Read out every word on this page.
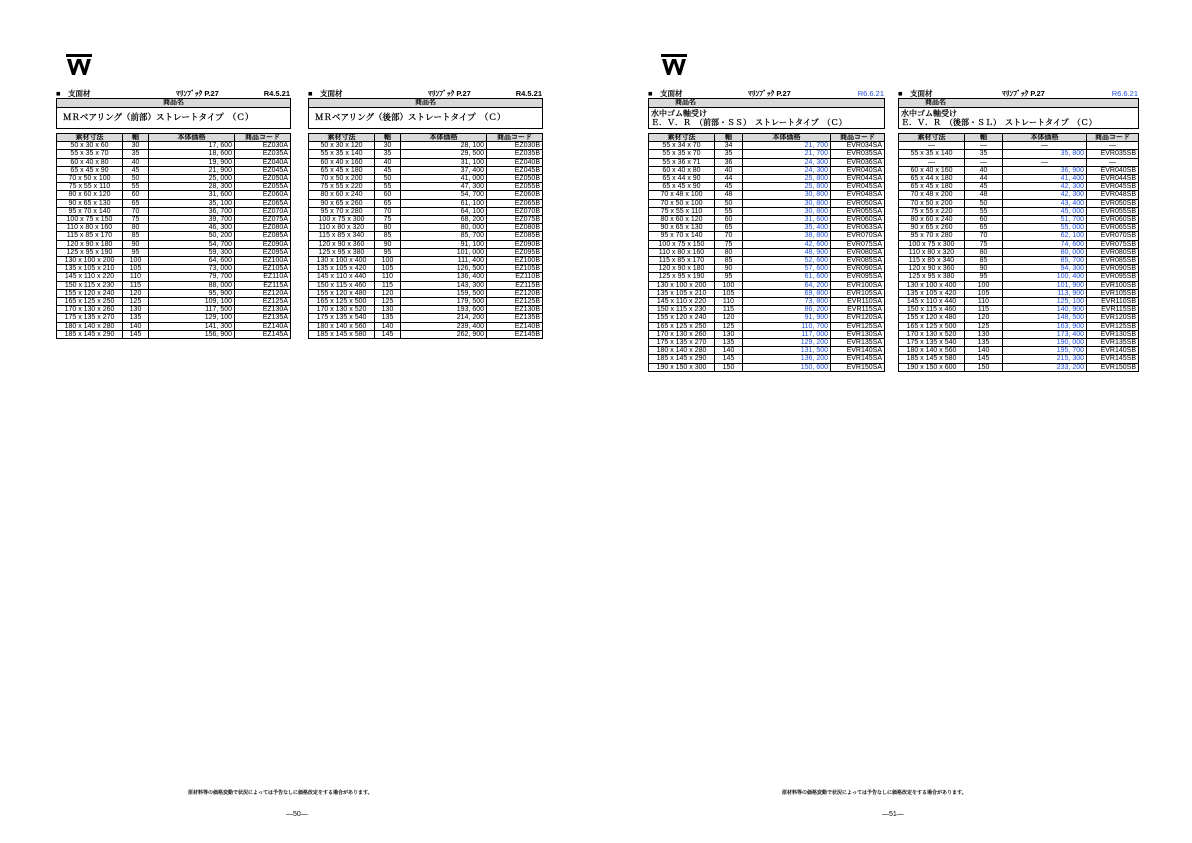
■　支面材	ﾏﾘﾝﾌﾞｯｸ P.27	R4.5.21
商品名			
ＭＲベアリング（前部）ストレートタイプ　（Ｃ）			

素材寸法	軸	本体価格	商品コード
50 x 30 x 60	30	17, 600	EZ030A
55 x 35 x 70	35	18, 600	EZ035A
60 x 40 x 80	40	19, 900	EZ040A
65 x 45 x 90	45	21, 900	EZ045A
70 x 50 x 100	50	25, 000	EZ050A
75 x 55 x 110	55	28, 300	EZ055A
80 x 60 x 120	60	31, 600	EZ060A
90 x 65 x 130	65	35, 100	EZ065A
95 x 70 x 140	70	36, 700	EZ070A
100 x 75 x 150	75	39, 700	EZ075A
110 x 80 x 160	80	46, 300	EZ080A
115 x 85 x 170	85	50, 200	EZ085A
120 x 90 x 180	90	54, 700	EZ090A
125 x 95 x 190	95	59, 300	EZ095A
130 x 100 x 200	100	64, 600	EZ100A
135 x 105 x 210	105	73, 000	EZ105A
145 x 110 x 220	110	79, 700	EZ110A
150 x 115 x 230	115	88, 000	EZ115A
155 x 120 x 240	120	95, 900	EZ120A
165 x 125 x 250	125	109, 100	EZ125A
170 x 130 x 260	130	117, 500	EZ130A
175 x 135 x 270	135	129, 100	EZ135A
180 x 140 x 280	140	141, 300	EZ140A
185 x 145 x 290	145	156, 900	EZ145A
■　支面材	ﾏﾘﾝﾌﾞｯｸ P.27	R4.5.21
商品名			
ＭＲベアリング（後部）ストレートタイプ　（Ｃ）			

素材寸法	軸	本体価格	商品コード
50 x 30 x 120	30	28, 100	EZ030B
55 x 35 x 140	35	29, 500	EZ035B
60 x 40 x 160	40	31, 100	EZ040B
65 x 45 x 180	45	37, 400	EZ045B
70 x 50 x 200	50	41, 000	EZ050B
75 x 55 x 220	55	47, 300	EZ055B
80 x 60 x 240	60	54, 700	EZ060B
90 x 65 x 260	65	61, 100	EZ065B
95 x 70 x 280	70	64, 100	EZ070B
100 x 75 x 300	75	68, 200	EZ075B
110 x 80 x 320	80	80, 000	EZ080B
115 x 85 x 340	85	85, 700	EZ085B
120 x 90 x 360	90	91, 100	EZ090B
125 x 95 x 380	95	101, 000	EZ095B
130 x 100 x 400	100	111, 400	EZ100B
135 x 105 x 420	105	126, 500	EZ105B
145 x 110 x 440	110	136, 400	EZ110B
150 x 115 x 460	115	143, 300	EZ115B
155 x 120 x 480	120	159, 500	EZ120B
165 x 125 x 500	125	179, 500	EZ125B
170 x 130 x 520	130	193, 600	EZ130B
175 x 135 x 540	135	214, 200	EZ135B
180 x 140 x 560	140	239, 400	EZ140B
185 x 145 x 580	145	262, 900	EZ145B
原材料等の価格変動で状況によっては予告なしに価格改定をする場合があります。
—50—
■　支面材	ﾏﾘﾝﾌﾞｯｸ P.27	R6.6.21
商品名			

水中ゴム軸受け
Ｅ．Ｖ．Ｒ　（前部・ＳＳ）　ストレートタイプ　（Ｃ）			

素材寸法	軸	本体価格	商品コード
55 x 34 x 70	34	21, 700	EVR034SA
55 x 35 x 70	35	21, 700	EVR035SA
55 x 36 x 71	36	24, 300	EVR036SA
60 x 40 x 80	40	24, 300	EVR040SA
65 x 44 x 90	44	25, 800	EVR044SA
65 x 45 x 90	45	25, 800	EVR045SA
70 x 48 x 100	48	30, 800	EVR048SA
70 x 50 x 100	50	30, 800	EVR050SA
75 x 55 x 110	55	30, 800	EVR055SA
80 x 60 x 120	60	31, 600	EVR060SA
90 x 65 x 130	65	35, 400	EVR063SA
95 x 70 x 140	70	38, 800	EVR070SA
100 x 75 x 150	75	42, 600	EVR075SA
110 x 80 x 160	80	48, 900	EVR080SA
115 x 85 x 170	85	52, 600	EVR085SA
120 x 90 x 180	90	57, 600	EVR090SA
125 x 95 x 190	95	61, 600	EVR095SA
130 x 100 x 200	100	64, 200	EVR100SA
135 x 105 x 210	105	69, 800	EVR105SA
145 x 110 x 220	110	73, 800	EVR110SA
150 x 115 x 230	115	86, 200	EVR115SA
155 x 120 x 240	120	91, 900	EVR120SA
165 x 125 x 250	125	110, 700	EVR125SA
170 x 130 x 260	130	117, 000	EVR130SA
175 x 135 x 270	135	129, 200	EVR135SA
180 x 140 x 280	140	131, 500	EVR140SA
185 x 145 x 290	145	136, 200	EVR145SA
190 x 150 x 300	150	150, 600	EVR150SA
■　支面材	ﾏﾘﾝﾌﾞｯｸ P.27	R6.6.21
商品名			

水中ゴム軸受け
Ｅ．Ｖ．Ｒ　（後部・ＳＬ）　ストレートタイプ　（Ｃ）			

素材寸法	軸	本体価格	商品コード
—	—	—	—
55 x 35 x 140	35	35, 800	EVR035SB
—	—	—	—
60 x 40 x 160	40	36, 900	EVR040SB
65 x 44 x 180	44	41, 400	EVR044SB
65 x 45 x 180	45	42, 300	EVR045SB
70 x 48 x 200	48	42, 300	EVR048SB
70 x 50 x 200	50	43, 400	EVR050SB
75 x 55 x 220	55	45, 000	EVR055SB
80 x 60 x 240	60	51, 700	EVR060SB
90 x 65 x 260	65	55, 000	EVR065SB
95 x 70 x 280	70	62, 100	EVR070SB
100 x 75 x 300	75	74, 600	EVR075SB
110 x 80 x 320	80	80, 000	EVR080SB
115 x 85 x 340	85	85, 700	EVR085SB
120 x 90 x 360	90	94, 300	EVR090SB
125 x 95 x 380	95	100, 400	EVR095SB
130 x 100 x 400	100	101, 900	EVR100SB
135 x 105 x 420	105	113, 900	EVR105SB
145 x 110 x 440	110	125, 100	EVR110SB
150 x 115 x 460	115	140, 900	EVR115SB
155 x 120 x 480	120	148, 500	EVR120SB
165 x 125 x 500	125	163, 900	EVR125SB
170 x 130 x 520	130	173, 400	EVR130SB
175 x 135 x 540	135	190, 000	EVR135SB
180 x 140 x 560	140	195, 700	EVR140SB
185 x 145 x 580	145	215, 300	EVR145SB
190 x 150 x 600	150	233, 200	EVR150SB
原材料等の価格変動で状況によっては予告なしに価格改定をする場合があります。
—51—
